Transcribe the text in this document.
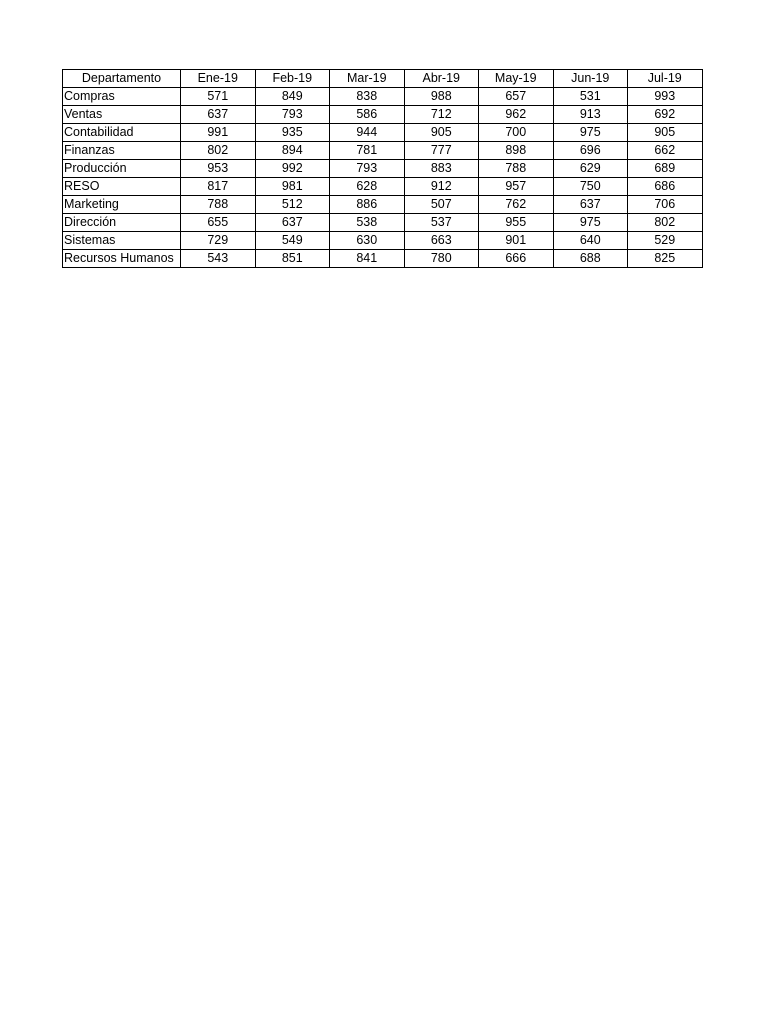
Departamento	Ene-19	Feb-19	Mar-19	Abr-19	May-19	Jun-19	Jul-19
Compras	571	849	838	988	657	531	993
Ventas	637	793	586	712	962	913	692
Contabilidad	991	935	944	905	700	975	905
Finanzas	802	894	781	777	898	696	662
Producción	953	992	793	883	788	629	689
RESO	817	981	628	912	957	750	686
Marketing	788	512	886	507	762	637	706
Dirección	655	637	538	537	955	975	802
Sistemas	729	549	630	663	901	640	529
Recursos Humanos	543	851	841	780	666	688	825
